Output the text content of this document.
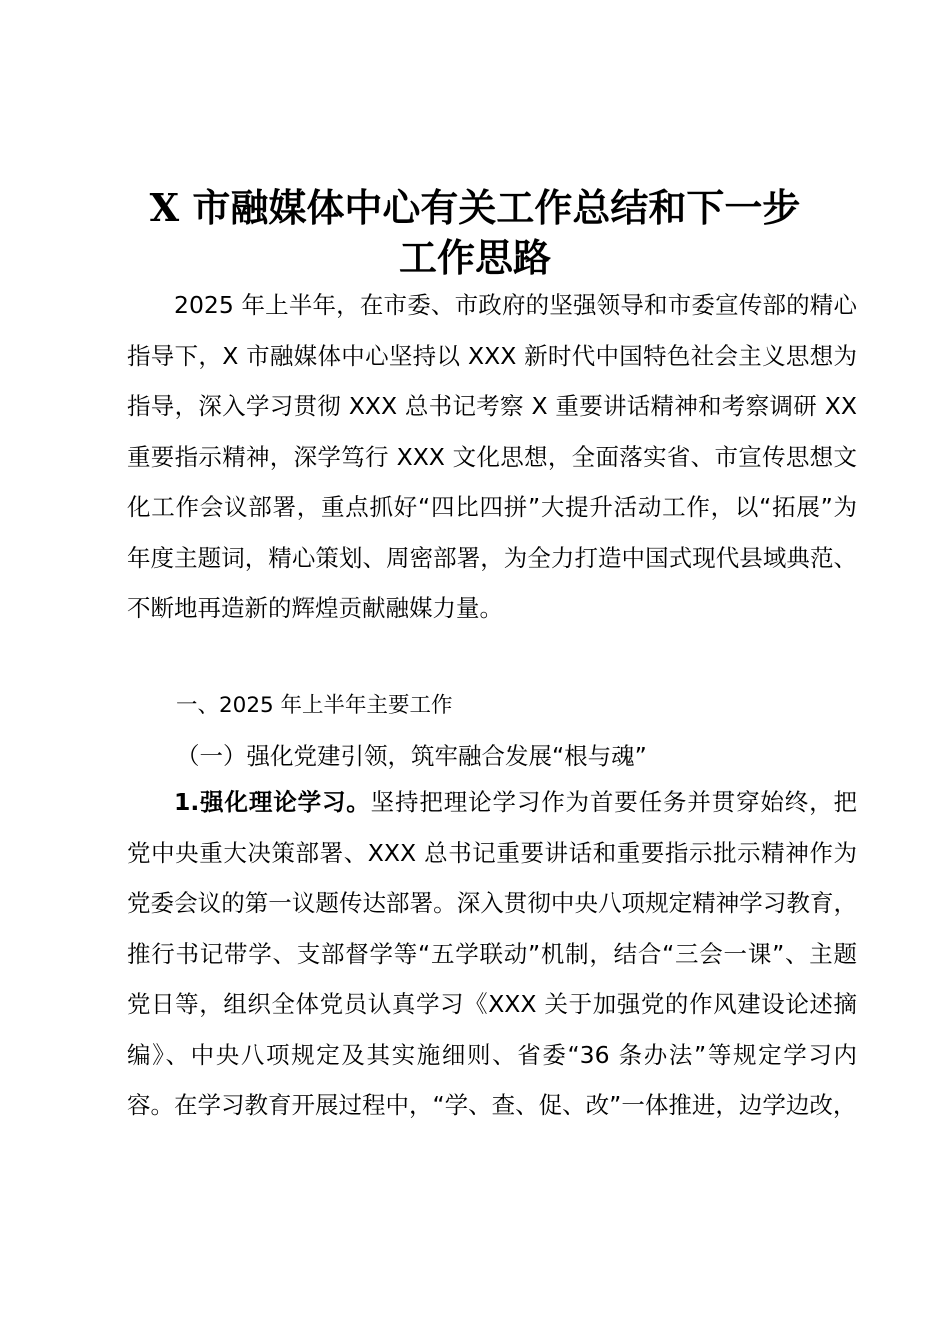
X 市融媒体中心有关工作总结和下一步
工作思路

2025 年上半年，在市委、市政府的坚强领导和市委宣传部的精心指导下，X 市融媒体中心坚持以 XXX 新时代中国特色社会主义思想为指导，深入学习贯彻 XXX 总书记考察 X 重要讲话精神和考察调研 XX 重要指示精神，深学笃行 XXX 文化思想，全面落实省、市宣传思想文化工作会议部署，重点抓好“四比四拼”大提升活动工作，以“拓展”为年度主题词，精心策划、周密部署，为全力打造中国式现代县域典范、不断地再造新的辉煌贡献融媒力量。

一、2025 年上半年主要工作

（一）强化党建引领，筑牢融合发展“根与魂”

1.强化理论学习。坚持把理论学习作为首要任务并贯穿始终，把党中央重大决策部署、XXX 总书记重要讲话和重要指示批示精神作为党委会议的第一议题传达部署。深入贯彻中央八项规定精神学习教育，推行书记带学、支部督学等“五学联动”机制，结合“三会一课”、主题党日等，组织全体党员认真学习《XXX 关于加强党的作风建设论述摘编》、中央八项规定及其实施细则、省委“36 条办法”等规定学习内容。在学习教育开展过程中，“学、查、促、改”一体推进，边学边改，
